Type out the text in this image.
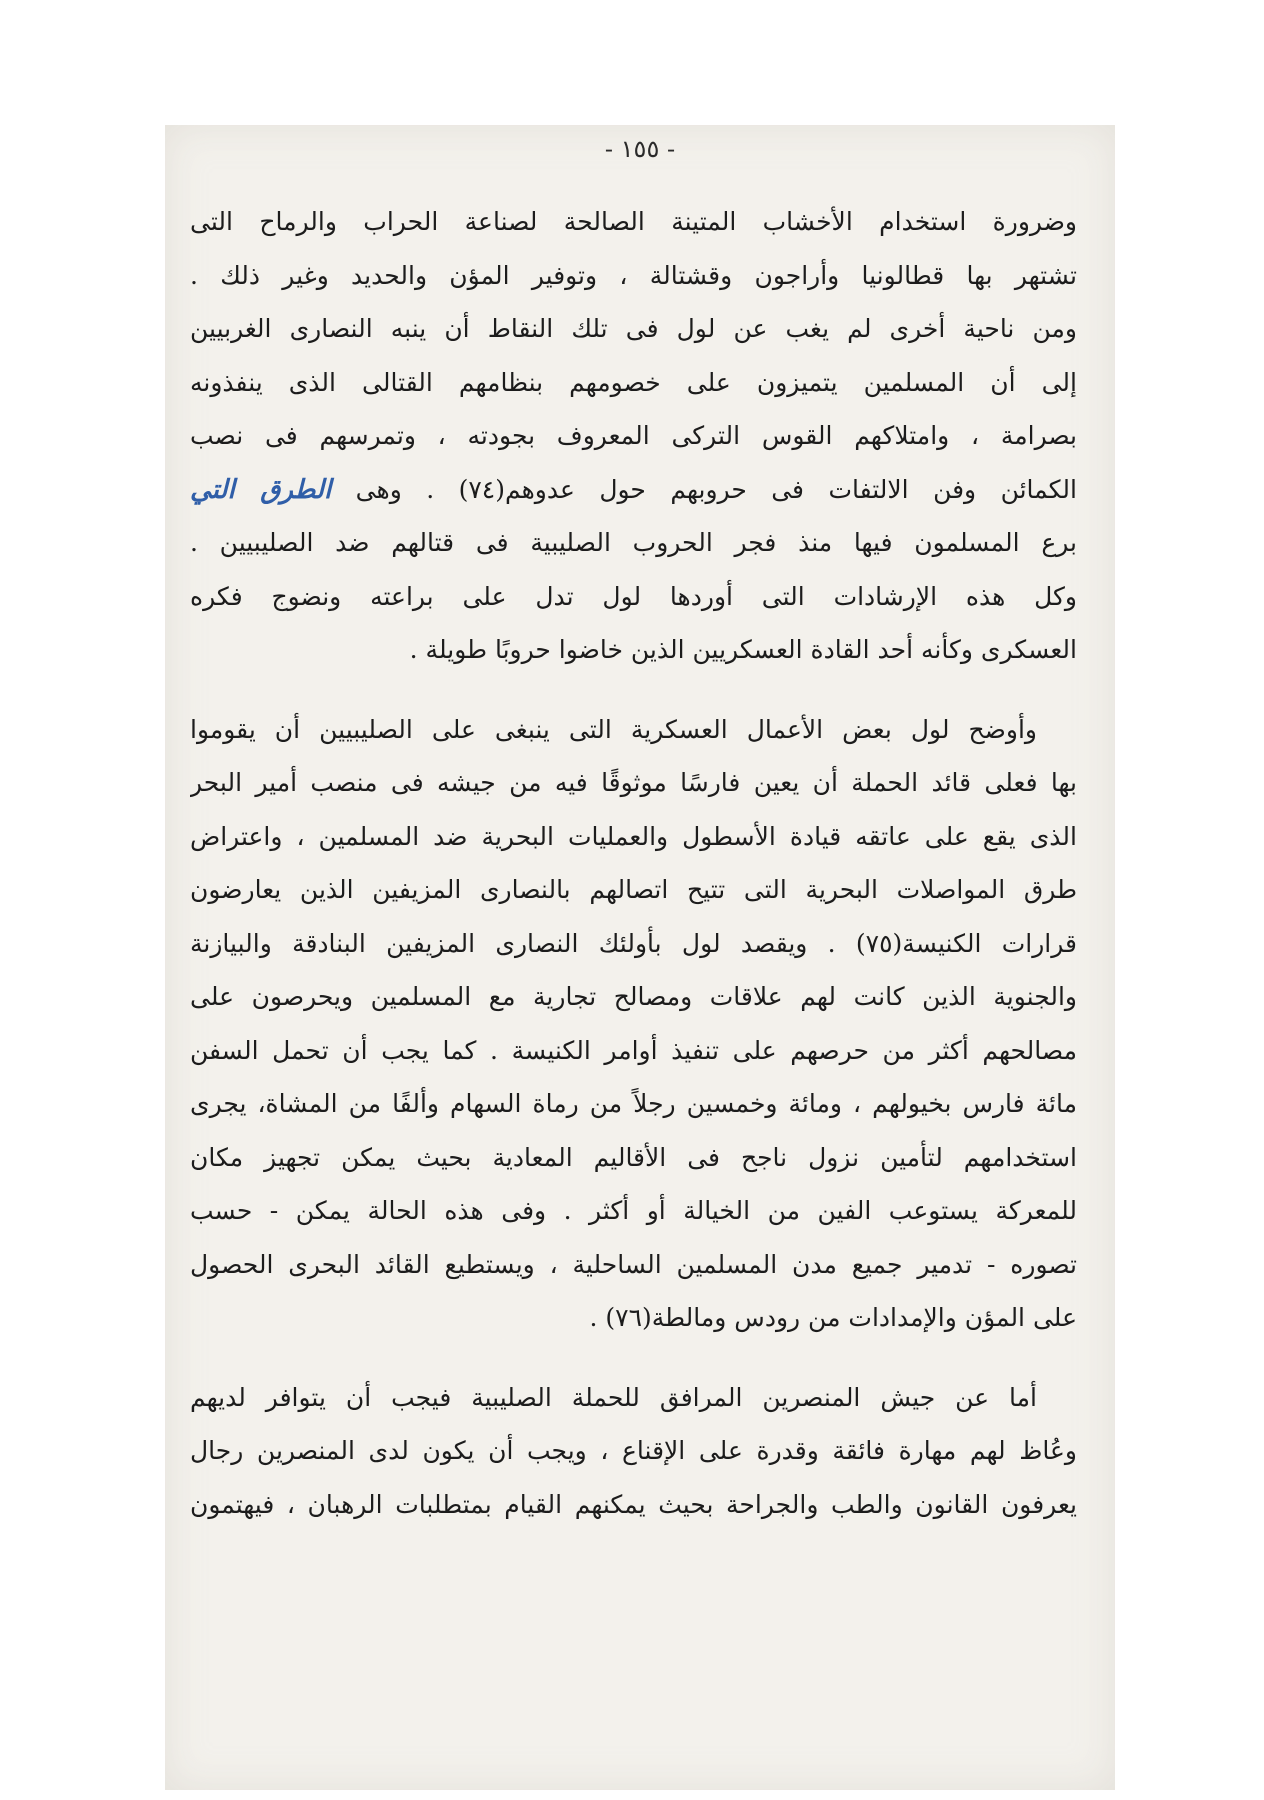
- ١٥٥ -
وضرورة استخدام الأخشاب المتينة الصالحة لصناعة الحراب والرماح التى
تشتهر بها قطالونيا وأراجون وقشتالة ، وتوفير المؤن والحديد وغير ذلك .
ومن ناحية أخرى لم يغب عن لول فى تلك النقاط أن ينبه النصارى الغربيين
إلى أن المسلمين يتميزون على خصومهم بنظامهم القتالى الذى ينفذونه
بصرامة ، وامتلاكهم القوس التركى المعروف بجودته ، وتمرسهم فى نصب
الكمائن وفن الالتفات فى حروبهم حول عدوهم(٧٤) . وهى الطرق التي
برع المسلمون فيها منذ فجر الحروب الصليبية فى قتالهم ضد الصليبيين .
وكل هذه الإرشادات التى أوردها لول تدل على براعته ونضوج فكره
العسكرى وكأنه أحد القادة العسكريين الذين خاضوا حروبًا طويلة .
وأوضح لول بعض الأعمال العسكرية التى ينبغى على الصليبيين أن يقوموا
بها فعلى قائد الحملة أن يعين فارسًا موثوقًا فيه من جيشه فى منصب أمير البحر
الذى يقع على عاتقه قيادة الأسطول والعمليات البحرية ضد المسلمين ، واعتراض
طرق المواصلات البحرية التى تتيح اتصالهم بالنصارى المزيفين الذين يعارضون
قرارات الكنيسة(٧٥) . ويقصد لول بأولئك النصارى المزيفين البنادقة والبيازنة
والجنوية الذين كانت لهم علاقات ومصالح تجارية مع المسلمين ويحرصون على
مصالحهم أكثر من حرصهم على تنفيذ أوامر الكنيسة . كما يجب أن تحمل السفن
مائة فارس بخيولهم ، ومائة وخمسين رجلاً من رماة السهام وألفًا من المشاة، يجرى
استخدامهم لتأمين نزول ناجح فى الأقاليم المعادية بحيث يمكن تجهيز مكان
للمعركة يستوعب الفين من الخيالة أو أكثر . وفى هذه الحالة يمكن - حسب
تصوره - تدمير جميع مدن المسلمين الساحلية ، ويستطيع القائد البحرى الحصول
على المؤن والإمدادات من رودس ومالطة(٧٦) .
أما عن جيش المنصرين المرافق للحملة الصليبية فيجب أن يتوافر لديهم
وعُاظ لهم مهارة فائقة وقدرة على الإقناع ، ويجب أن يكون لدى المنصرين رجال
يعرفون القانون والطب والجراحة بحيث يمكنهم القيام بمتطلبات الرهبان ، فيهتمون
